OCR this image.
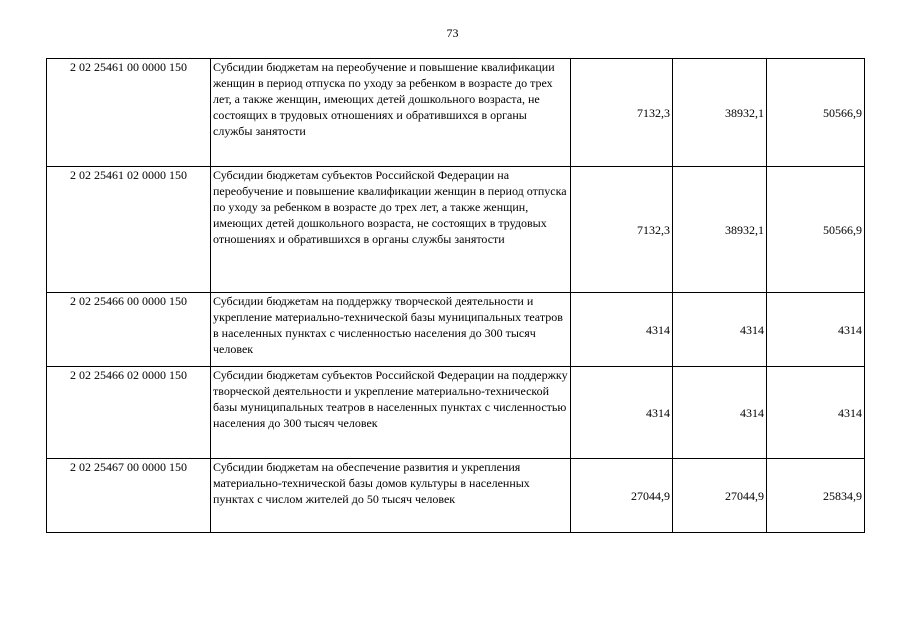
73
2 02 25461 00 0000 150	Субсидии бюджетам на переобучение и повышение квалификации женщин в период отпуска по уходу за ребенком в возрасте до трех лет, а также женщин, имеющих детей дошкольного возраста, не состоящих в трудовых отношениях и обратившихся в органы службы занятости	7132,3	38932,1	50566,9
2 02 25461 02 0000 150	Субсидии бюджетам субъектов Российской Федерации на переобучение и повышение квалификации женщин в период отпуска по уходу за ребенком в возрасте до трех лет, а также женщин, имеющих детей дошкольного возраста, не состоящих в трудовых отношениях и обратившихся в органы службы занятости	7132,3	38932,1	50566,9
2 02 25466 00 0000 150	Субсидии бюджетам на поддержку творческой деятельности и укрепление материально-технической базы муниципальных театров в населенных пунктах с численностью населения до 300 тысяч человек	4314	4314	4314
2 02 25466 02 0000 150	Субсидии бюджетам субъектов Российской Федерации на поддержку творческой деятельности и укрепление материально-технической базы муниципальных театров в населенных пунктах с численностью населения до 300 тысяч человек	4314	4314	4314
2 02 25467 00 0000 150	Субсидии бюджетам на обеспечение развития и укрепления материально-технической базы домов культуры в населенных пунктах с числом жителей до 50 тысяч человек	27044,9	27044,9	25834,9
